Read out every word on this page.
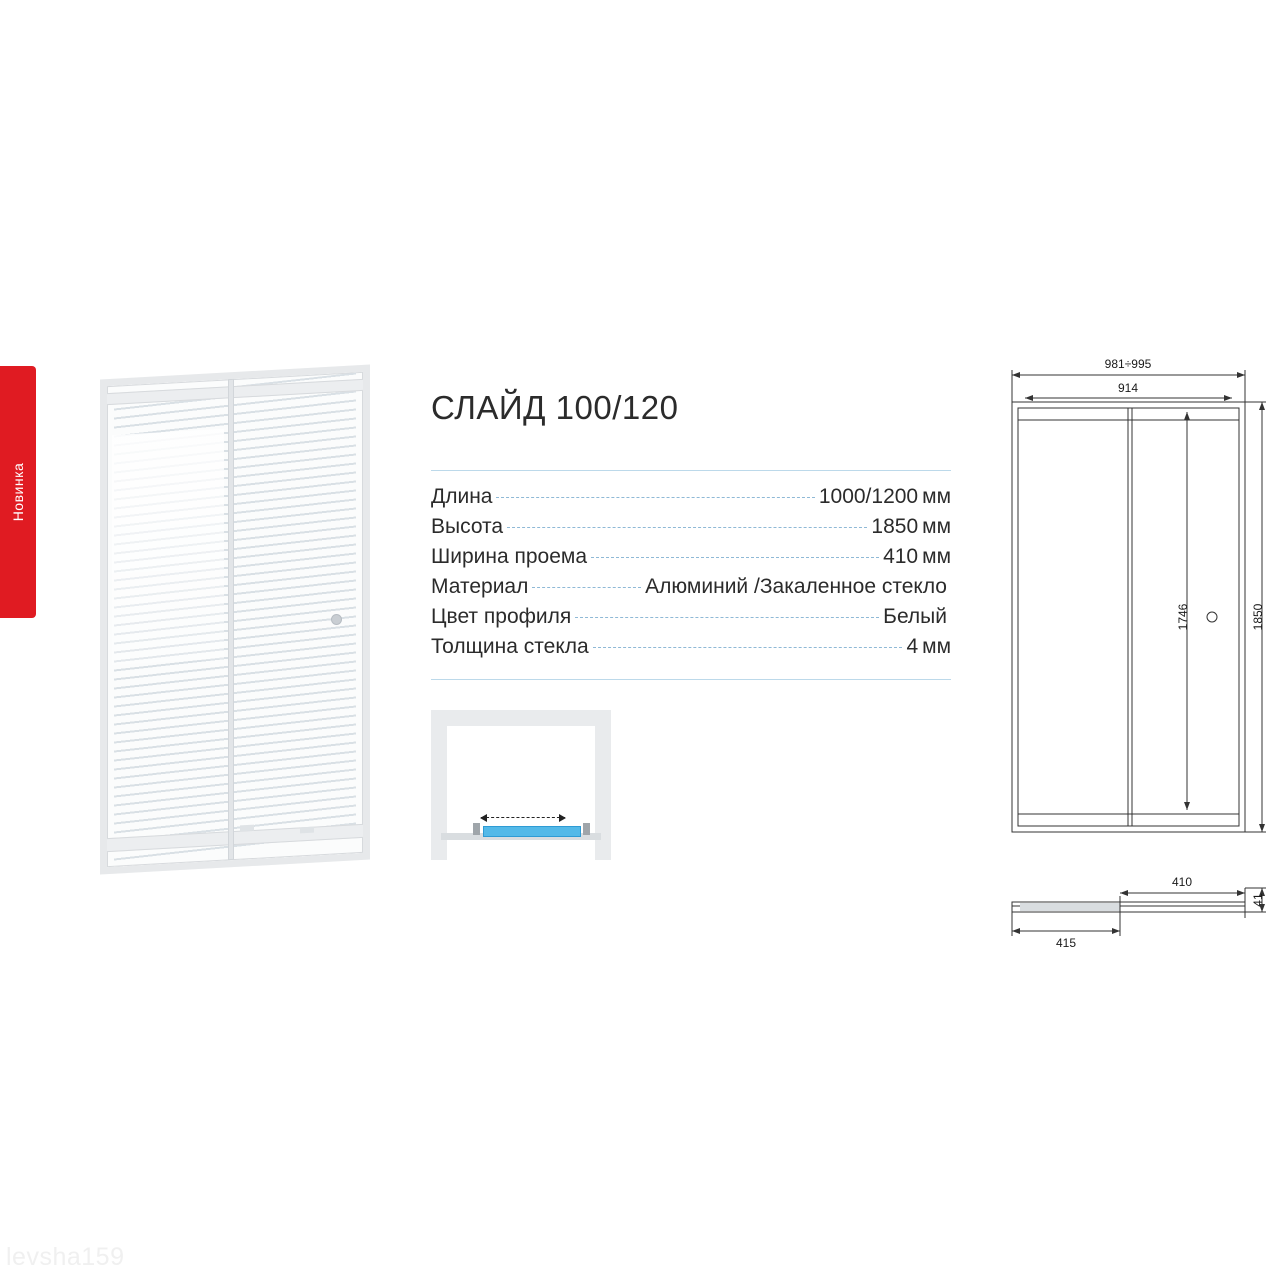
Новинка
СЛАЙД 100/120
Длина	1000/1200 мм
Высота	1850 мм
Ширина проема	410 мм
Материал	Алюминий /Закаленное стекло
Цвет профиля	Белый
Толщина стекла	4 мм
981÷995
914
1746	1850
410
415
41
levsha159
